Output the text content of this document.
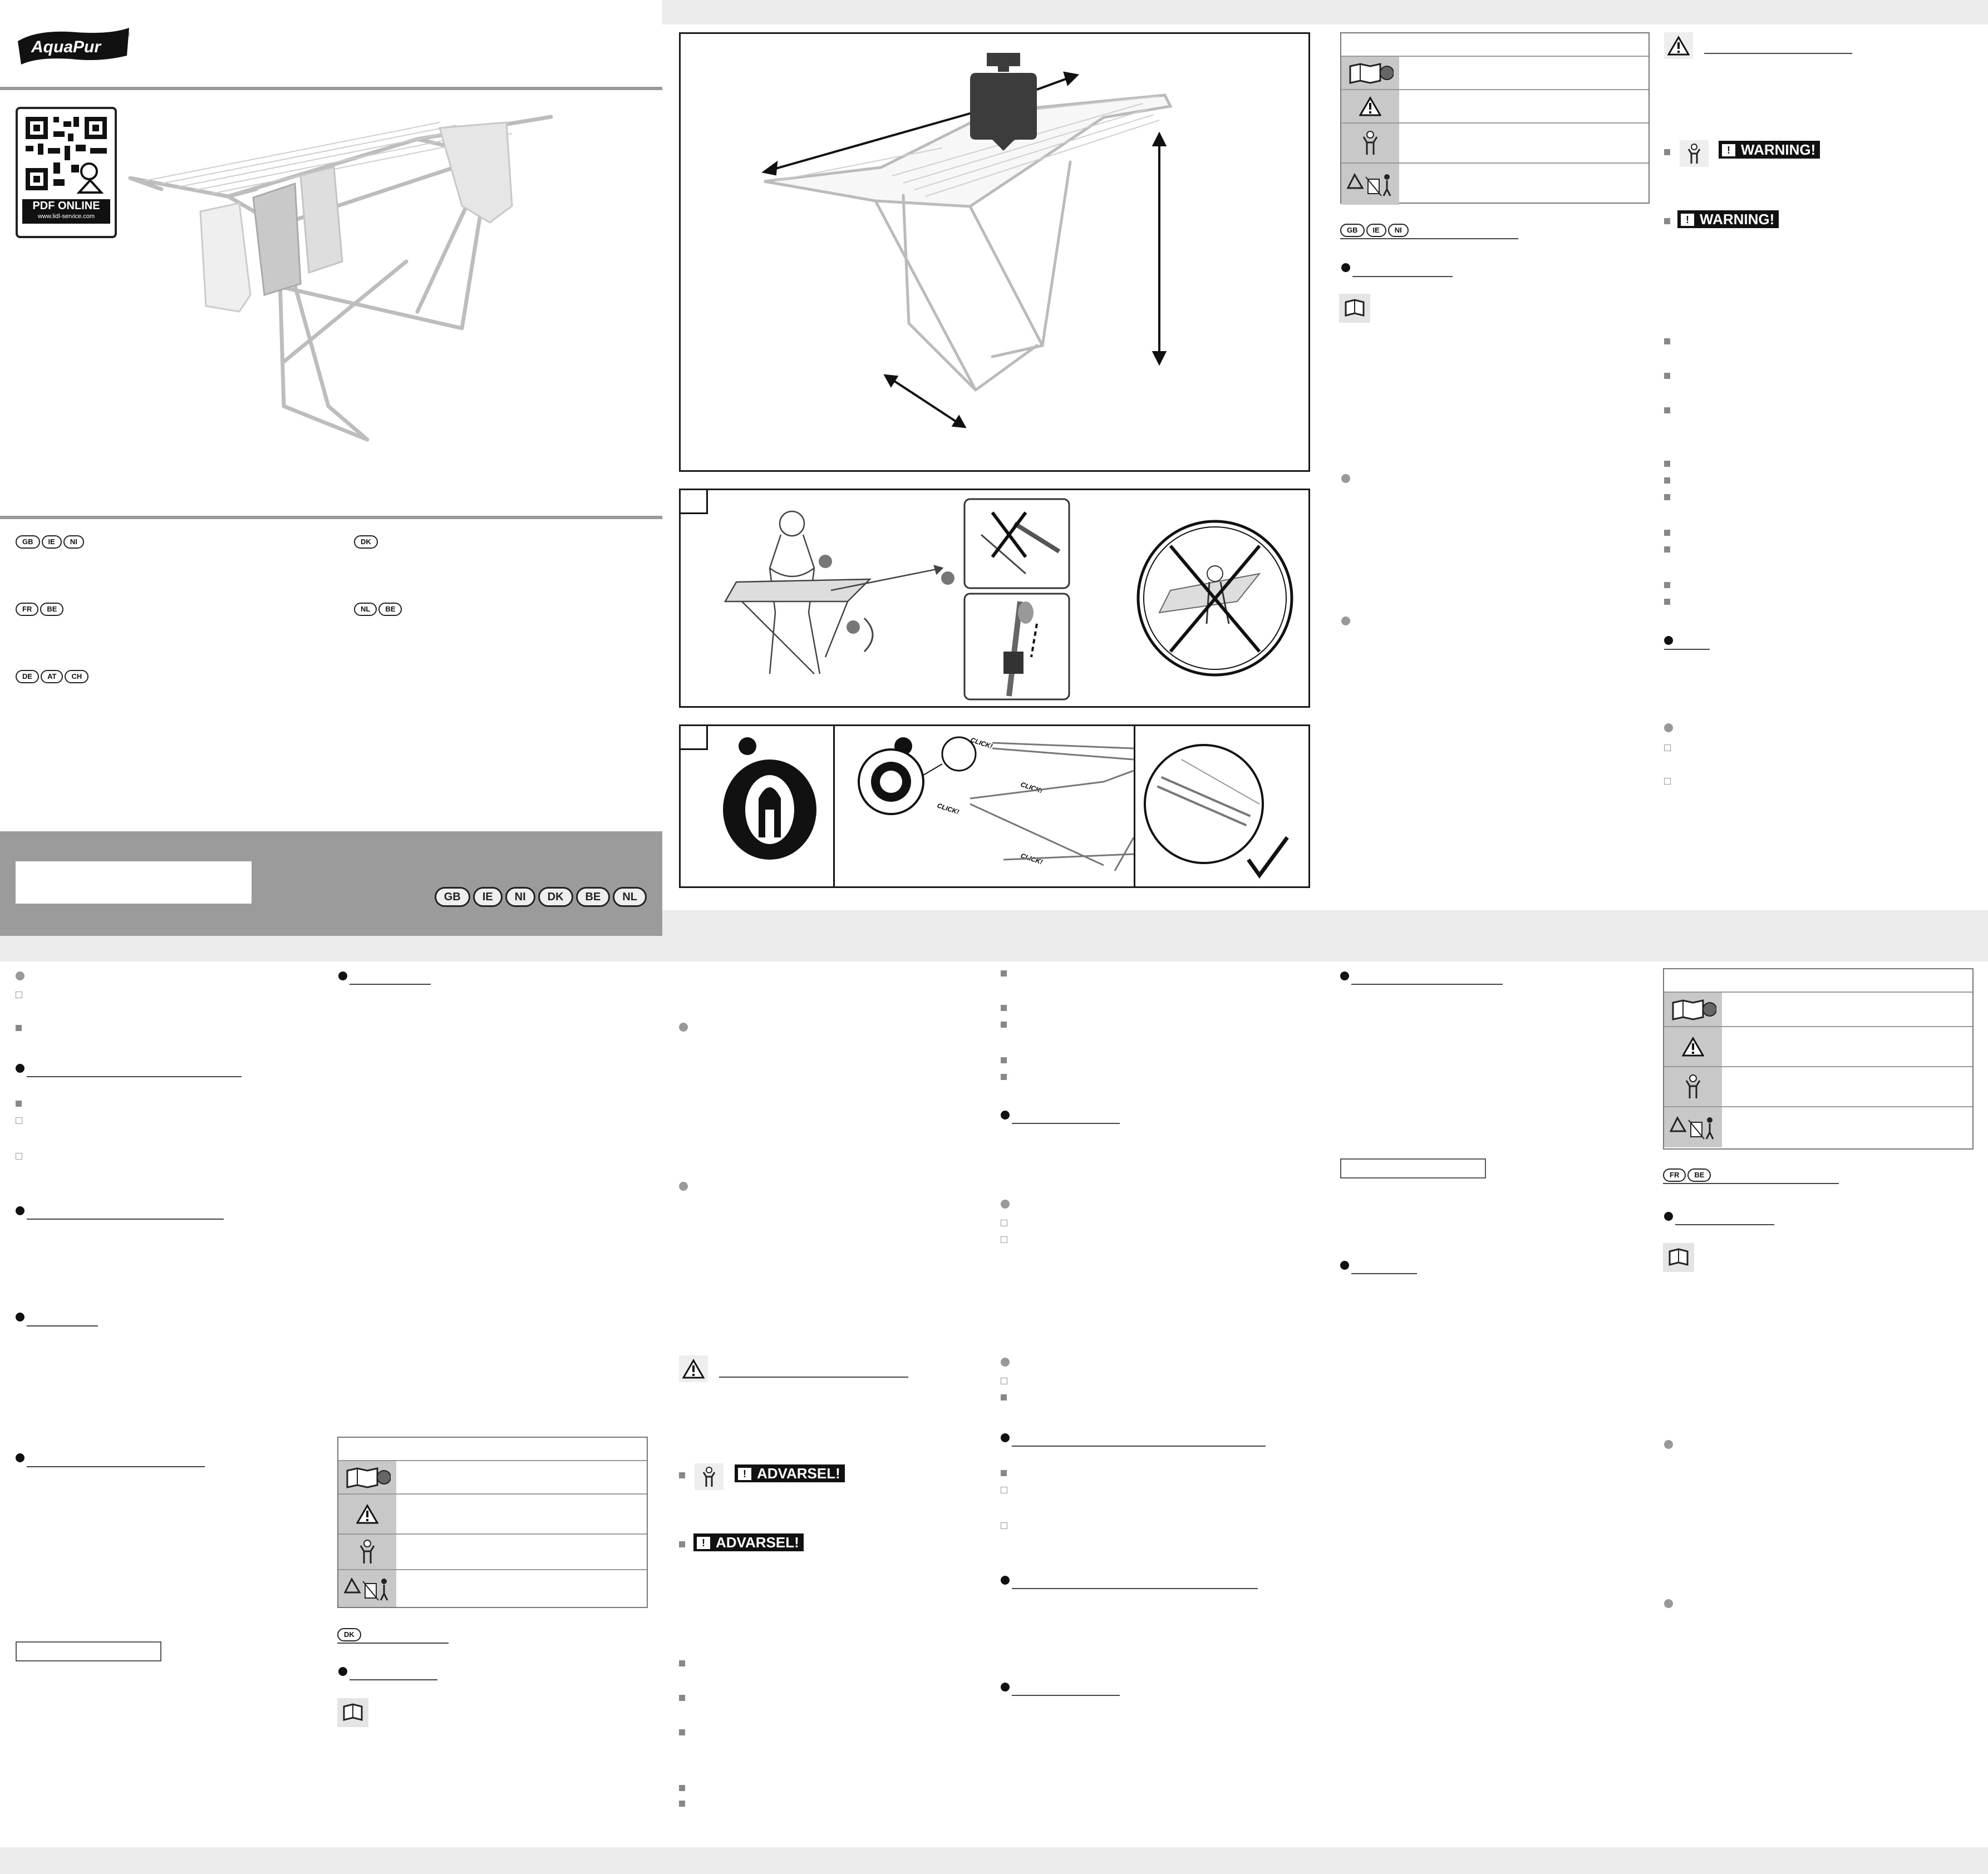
AquaPur
®
PDF ONLINE
www.lidl-service.com
GB IE NI	DK
FR BE	NL BE
DE AT CH
GB IE NI DK BE NL
CLICK!
CLICK!
CLICK!
CLICK!
GB IE NI
! WARNING!
! WARNING!
DK
! ADVARSEL!
! ADVARSEL!
FR BE
